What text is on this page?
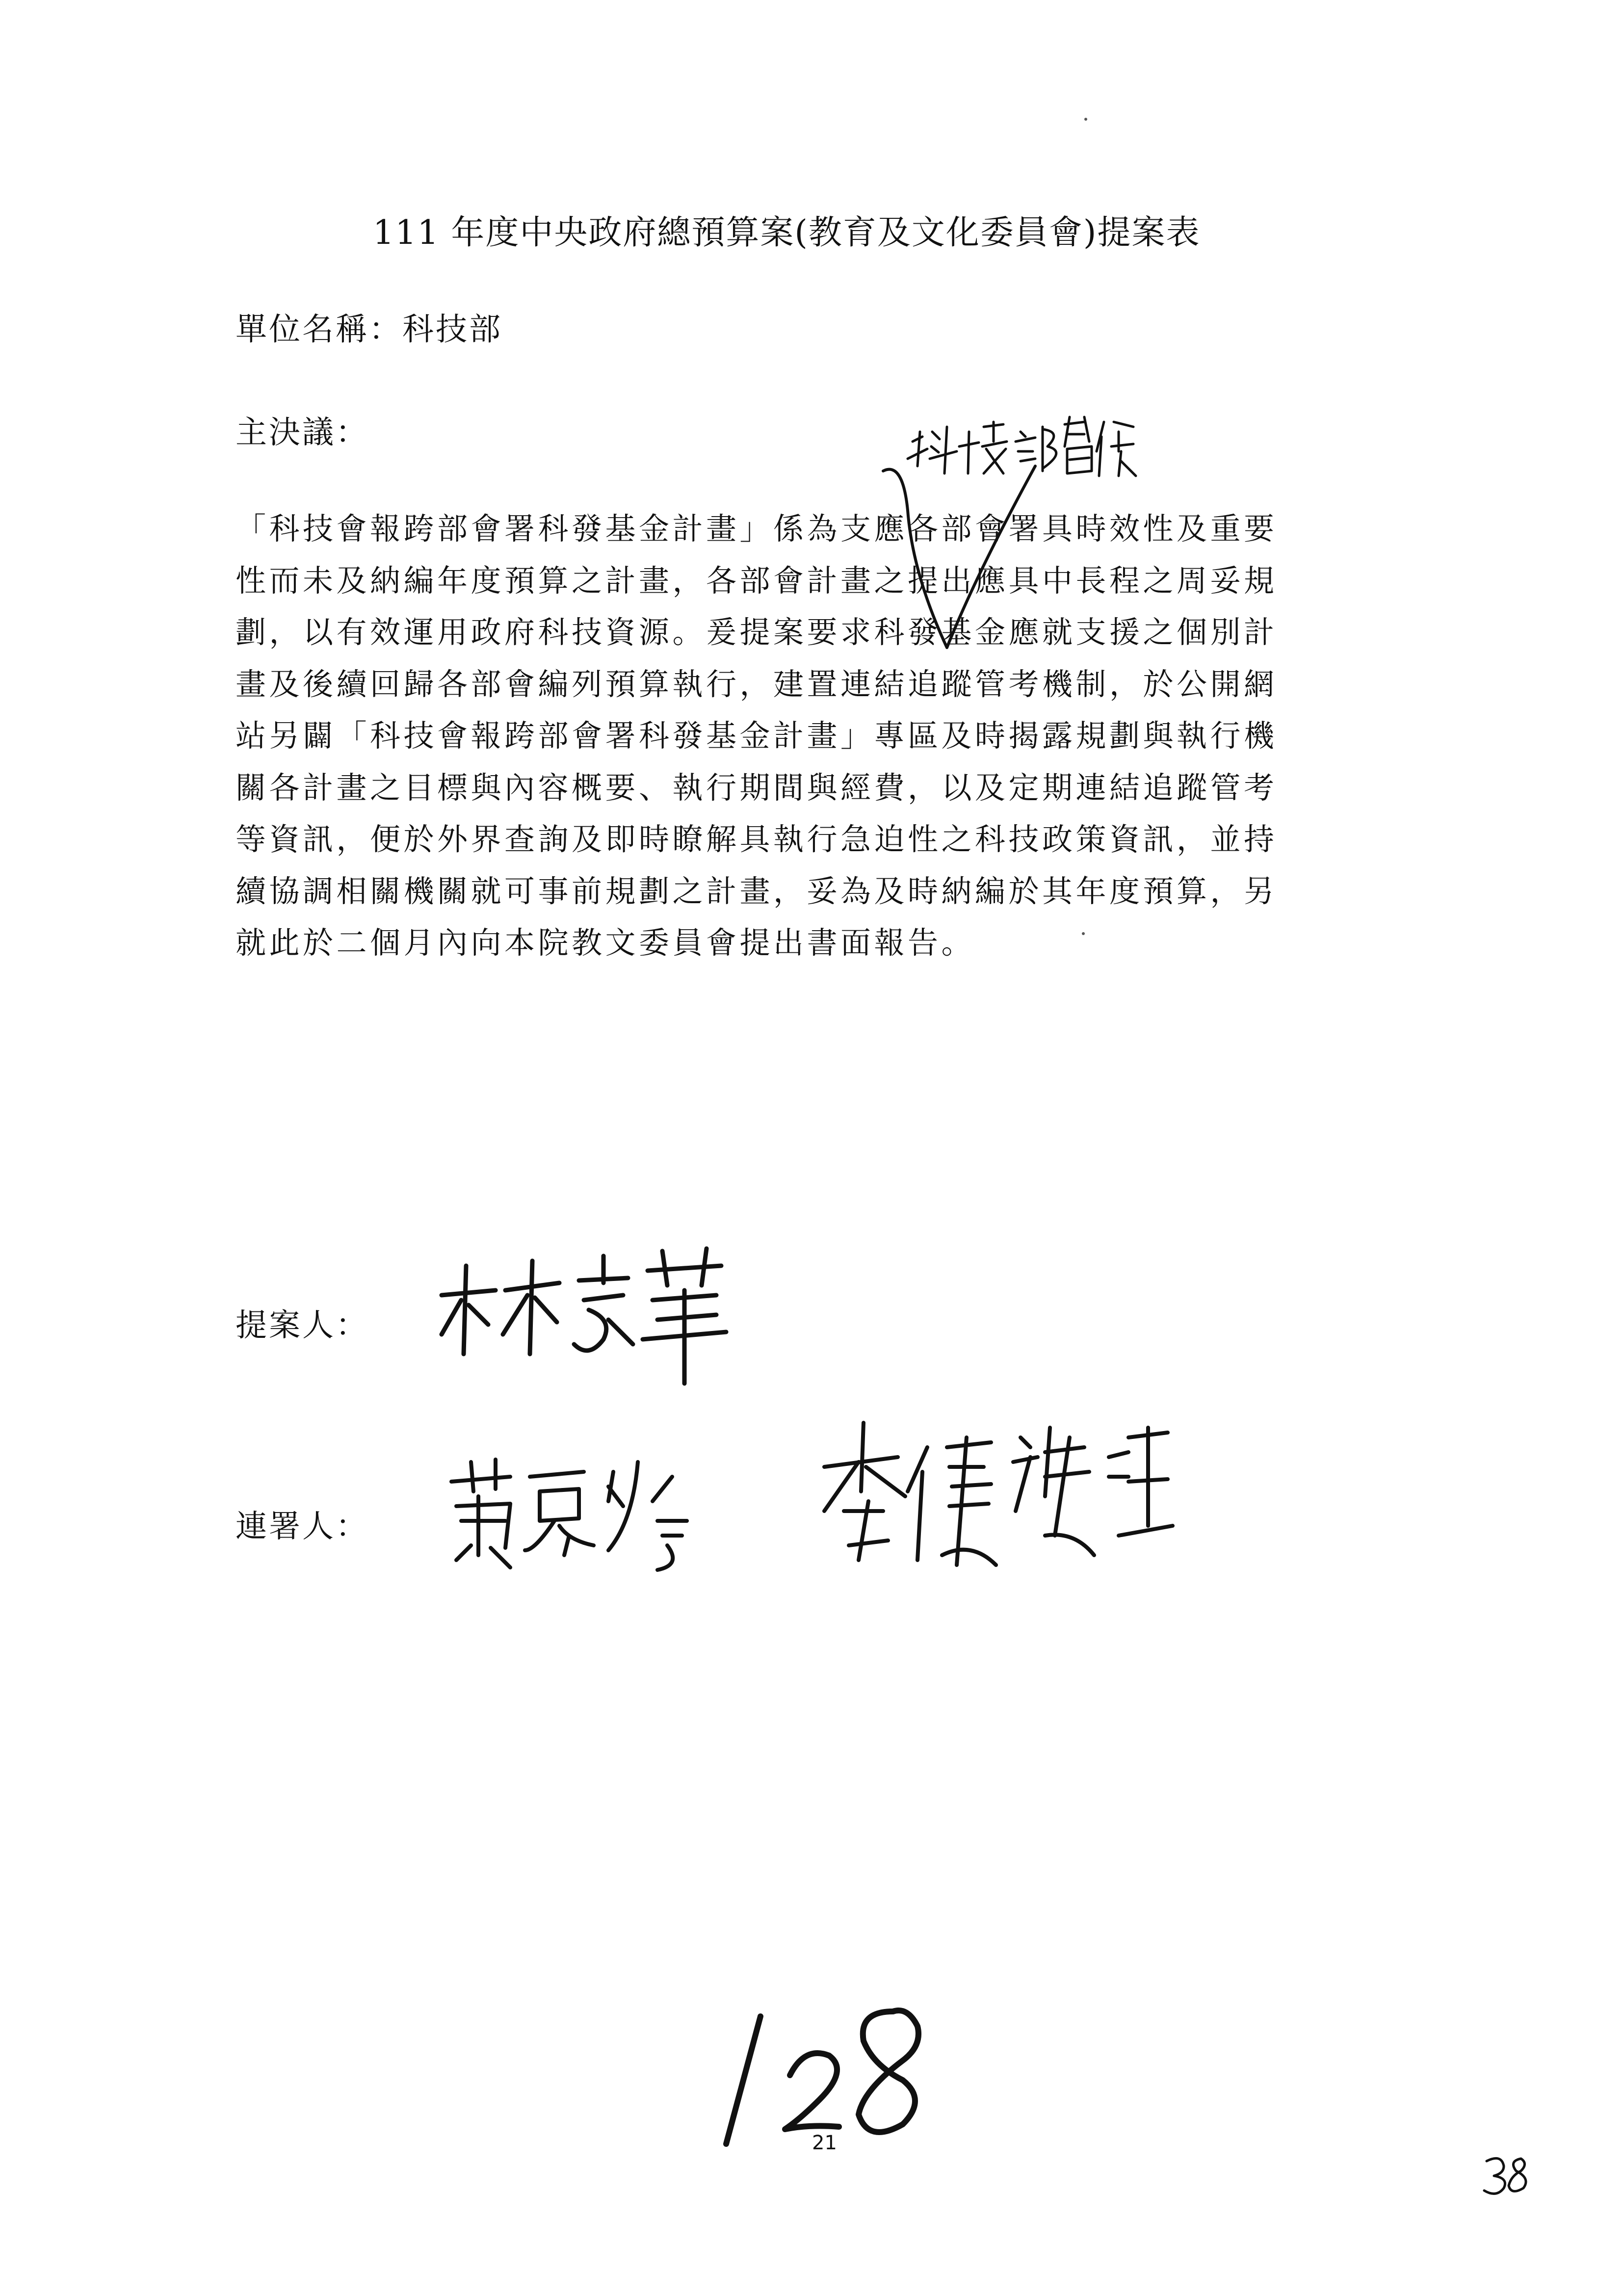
111 年度中央政府總預算案(教育及文化委員會)提案表
單位名稱：科技部
主決議：
「科技會報跨部會署科發基金計畫」係為支應各部會署具時效性及重要
性而未及納編年度預算之計畫，各部會計畫之提出應具中長程之周妥規
劃，以有效運用政府科技資源。爰提案要求科發基金應就支援之個別計
畫及後續回歸各部會編列預算執行，建置連結追蹤管考機制，於公開網
站另闢「科技會報跨部會署科發基金計畫」專區及時揭露規劃與執行機
關各計畫之目標與內容概要、執行期間與經費，以及定期連結追蹤管考
等資訊，便於外界查詢及即時瞭解具執行急迫性之科技政策資訊，並持
續協調相關機關就可事前規劃之計畫，妥為及時納編於其年度預算，另
就此於二個月內向本院教文委員會提出書面報告。
提案人：
連署人：
21
